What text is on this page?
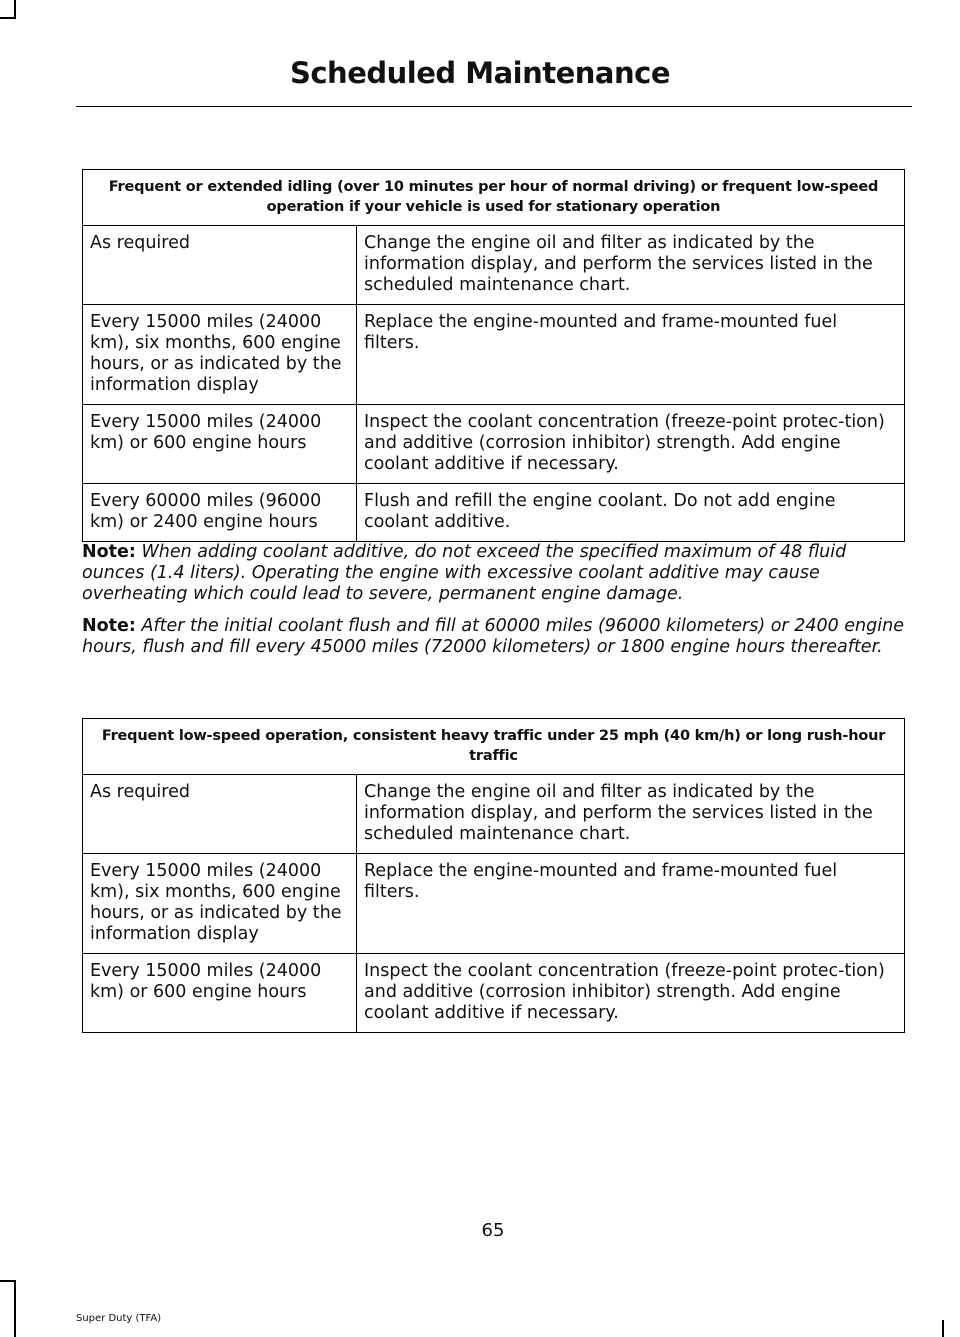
Scheduled Maintenance
Frequent or extended idling (over 10 minutes per hour of normal driving) or frequent low-speed operation if your vehicle is used for stationary operation	
As required	Change the engine oil and filter as indicated by the information display, and perform the services listed in the scheduled maintenance chart.
Every 15000 miles (24000 km), six months, 600 engine hours, or as indicated by the information display	Replace the engine-mounted and frame-mounted fuel filters.
Every 15000 miles (24000 km) or 600 engine hours	Inspect the coolant concentration (freeze-point protec-tion) and additive (corrosion inhibitor) strength. Add engine coolant additive if necessary.
Every 60000 miles (96000 km) or 2400 engine hours	Flush and refill the engine coolant. Do not add engine coolant additive.

Note: When adding coolant additive, do not exceed the specified maximum of 48 fluid ounces (1.4 liters). Operating the engine with excessive coolant additive may cause overheating which could lead to severe, permanent engine damage.

Note: After the initial coolant flush and fill at 60000 miles (96000 kilometers) or 2400 engine hours, flush and fill every 45000 miles (72000 kilometers) or 1800 engine hours thereafter.

Frequent low-speed operation, consistent heavy traffic under 25 mph (40 km/h) or long rush-hour traffic	
As required	Change the engine oil and filter as indicated by the information display, and perform the services listed in the scheduled maintenance chart.
Every 15000 miles (24000 km), six months, 600 engine hours, or as indicated by the information display	Replace the engine-mounted and frame-mounted fuel filters.
Every 15000 miles (24000 km) or 600 engine hours	Inspect the coolant concentration (freeze-point protec-tion) and additive (corrosion inhibitor) strength. Add engine coolant additive if necessary.
65
Super Duty (TFA)
